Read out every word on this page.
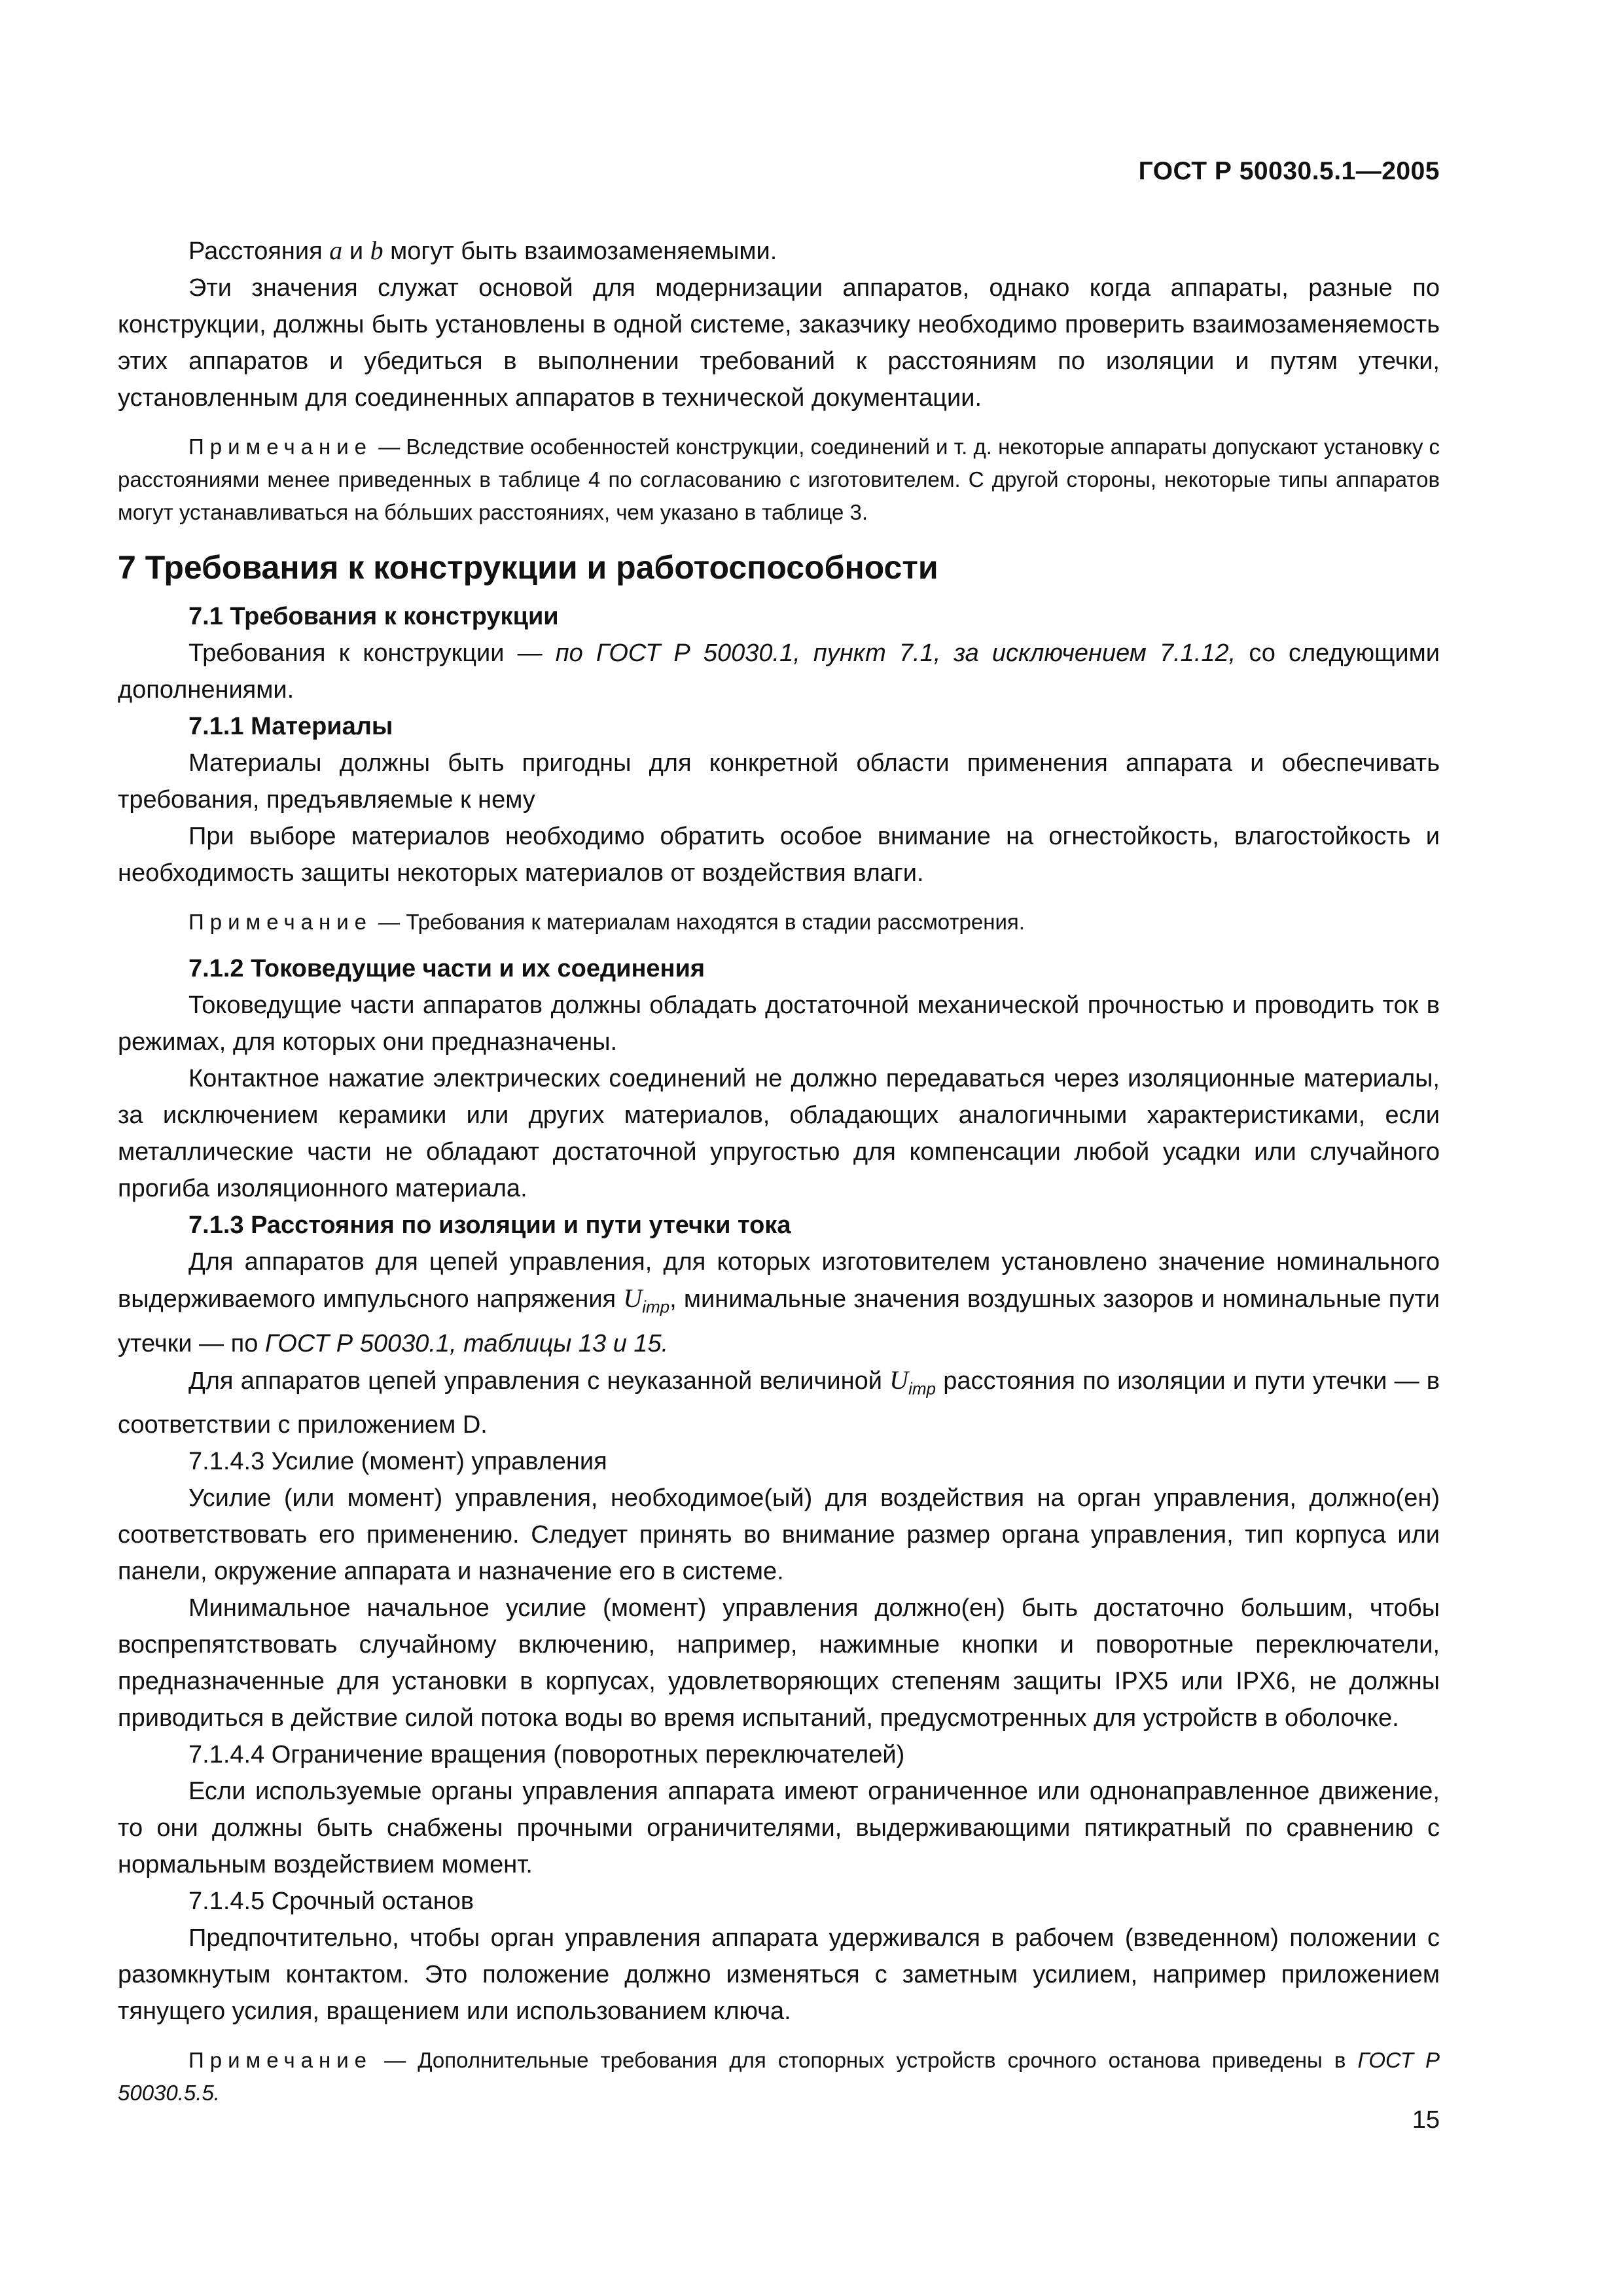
ГОСТ Р 50030.5.1—2005

Расстояния a и b могут быть взаимозаменяемыми.

Эти значения служат основой для модернизации аппаратов, однако когда аппараты, разные по конструкции, должны быть установлены в одной системе, заказчику необходимо проверить взаимозаменяемость этих аппаратов и убедиться в выполнении требований к расстояниям по изоляции и путям утечки, установленным для соединенных аппаратов в технической документации.

Примечание — Вследствие особенностей конструкции, соединений и т. д. некоторые аппараты допускают установку с расстояниями менее приведенных в таблице 4 по согласованию с изготовителем. С другой стороны, некоторые типы аппаратов могут устанавливаться на бóльших расстояниях, чем указано в таблице 3.

7 Требования к конструкции и работоспособности

7.1 Требования к конструкции

Требования к конструкции — по ГОСТ Р 50030.1, пункт 7.1, за исключением 7.1.12, со следующими дополнениями.

7.1.1 Материалы

Материалы должны быть пригодны для конкретной области применения аппарата и обеспечивать требования, предъявляемые к нему

При выборе материалов необходимо обратить особое внимание на огнестойкость, влагостойкость и необходимость защиты некоторых материалов от воздействия влаги.

Примечание — Требования к материалам находятся в стадии рассмотрения.

7.1.2 Токоведущие части и их соединения

Токоведущие части аппаратов должны обладать достаточной механической прочностью и проводить ток в режимах, для которых они предназначены.

Контактное нажатие электрических соединений не должно передаваться через изоляционные материалы, за исключением керамики или других материалов, обладающих аналогичными характеристиками, если металлические части не обладают достаточной упругостью для компенсации любой усадки или случайного прогиба изоляционного материала.

7.1.3 Расстояния по изоляции и пути утечки тока

Для аппаратов для цепей управления, для которых изготовителем установлено значение номинального выдерживаемого импульсного напряжения $U_{imp}$, минимальные значения воздушных зазоров и номинальные пути утечки — по ГОСТ Р 50030.1, таблицы 13 и 15.

Для аппаратов цепей управления с неуказанной величиной $U_{imp}$ расстояния по изоляции и пути утечки — в соответствии с приложением D.

7.1.4.3 Усилие (момент) управления

Усилие (или момент) управления, необходимое(ый) для воздействия на орган управления, должно(ен) соответствовать его применению. Следует принять во внимание размер органа управления, тип корпуса или панели, окружение аппарата и назначение его в системе.

Минимальное начальное усилие (момент) управления должно(ен) быть достаточно большим, чтобы воспрепятствовать случайному включению, например, нажимные кнопки и поворотные переключатели, предназначенные для установки в корпусах, удовлетворяющих степеням защиты IPX5 или IPX6, не должны приводиться в действие силой потока воды во время испытаний, предусмотренных для устройств в оболочке.

7.1.4.4 Ограничение вращения (поворотных переключателей)

Если используемые органы управления аппарата имеют ограниченное или однонаправленное движение, то они должны быть снабжены прочными ограничителями, выдерживающими пятикратный по сравнению с нормальным воздействием момент.

7.1.4.5 Срочный останов

Предпочтительно, чтобы орган управления аппарата удерживался в рабочем (взведенном) положении с разомкнутым контактом. Это положение должно изменяться с заметным усилием, например приложением тянущего усилия, вращением или использованием ключа.

Примечание — Дополнительные требования для стопорных устройств срочного останова приведены в ГОСТ Р 50030.5.5.

15
